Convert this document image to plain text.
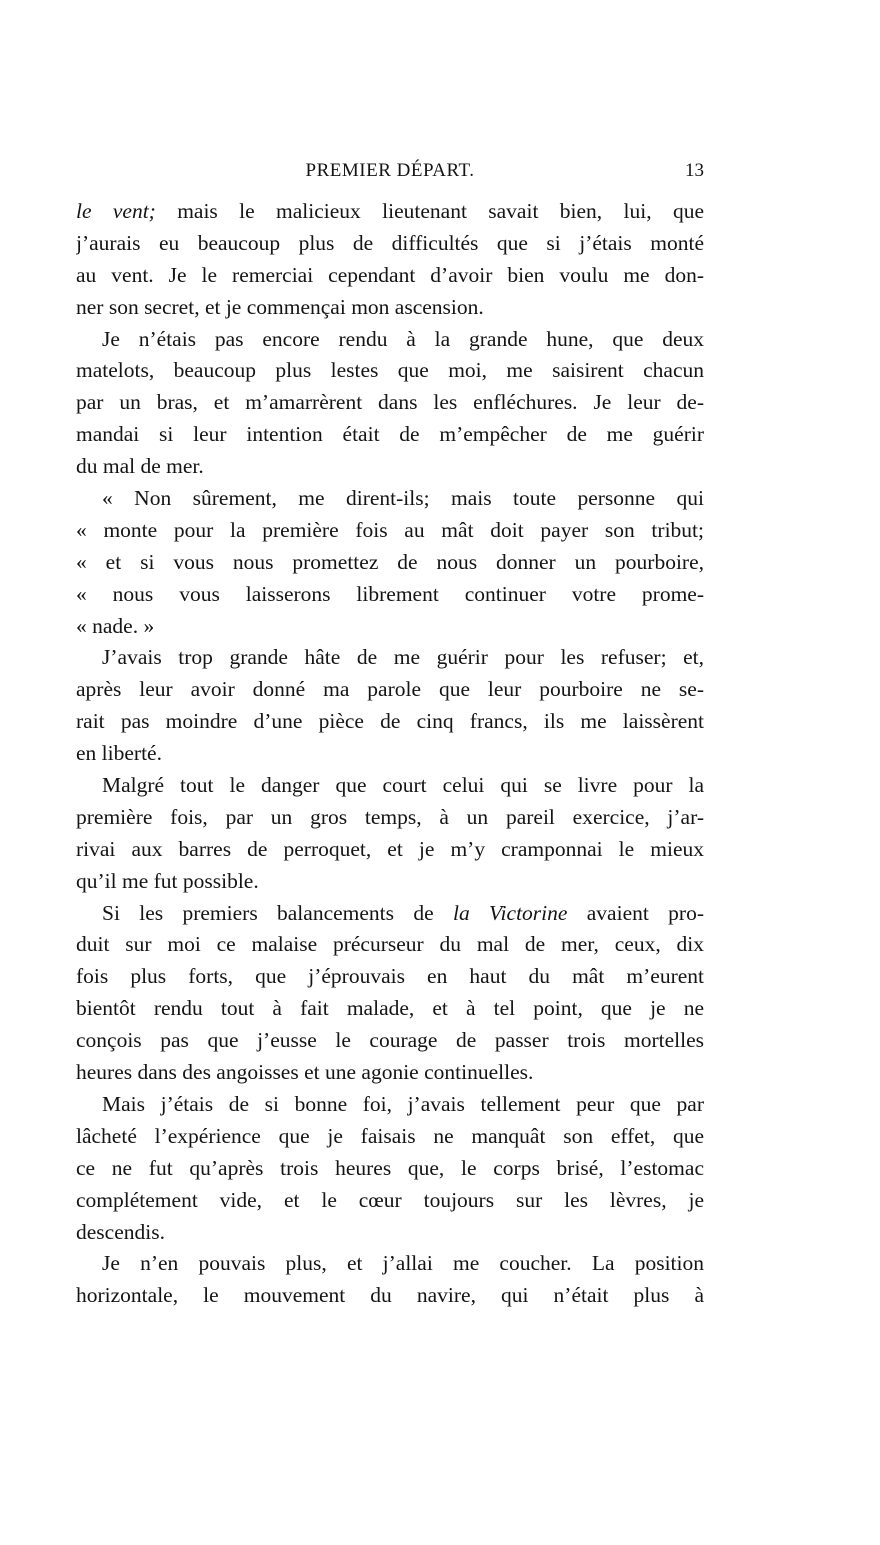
PREMIER DÉPART.	13
le vent; mais le malicieux lieutenant savait bien, lui, que
j’aurais eu beaucoup plus de difficultés que si j’étais monté
au vent. Je le remerciai cependant d’avoir bien voulu me don-
ner son secret, et je commençai mon ascension.
Je n’étais pas encore rendu à la grande hune, que deux
matelots, beaucoup plus lestes que moi, me saisirent chacun
par un bras, et m’amarrèrent dans les enfléchures. Je leur de-
mandai si leur intention était de m’empêcher de me guérir
du mal de mer.
« Non sûrement, me dirent-ils; mais toute personne qui
« monte pour la première fois au mât doit payer son tribut;
« et si vous nous promettez de nous donner un pourboire,
« nous vous laisserons librement continuer votre prome-
« nade. »
J’avais trop grande hâte de me guérir pour les refuser; et,
après leur avoir donné ma parole que leur pourboire ne se-
rait pas moindre d’une pièce de cinq francs, ils me laissèrent
en liberté.
Malgré tout le danger que court celui qui se livre pour la
première fois, par un gros temps, à un pareil exercice, j’ar-
rivai aux barres de perroquet, et je m’y cramponnai le mieux
qu’il me fut possible.
Si les premiers balancements de la Victorine avaient pro-
duit sur moi ce malaise précurseur du mal de mer, ceux, dix
fois plus forts, que j’éprouvais en haut du mât m’eurent
bientôt rendu tout à fait malade, et à tel point, que je ne
conçois pas que j’eusse le courage de passer trois mortelles
heures dans des angoisses et une agonie continuelles.
Mais j’étais de si bonne foi, j’avais tellement peur que par
lâcheté l’expérience que je faisais ne manquât son effet, que
ce ne fut qu’après trois heures que, le corps brisé, l’estomac
complétement vide, et le cœur toujours sur les lèvres, je
descendis.
Je n’en pouvais plus, et j’allai me coucher. La position
horizontale, le mouvement du navire, qui n’était plus à
